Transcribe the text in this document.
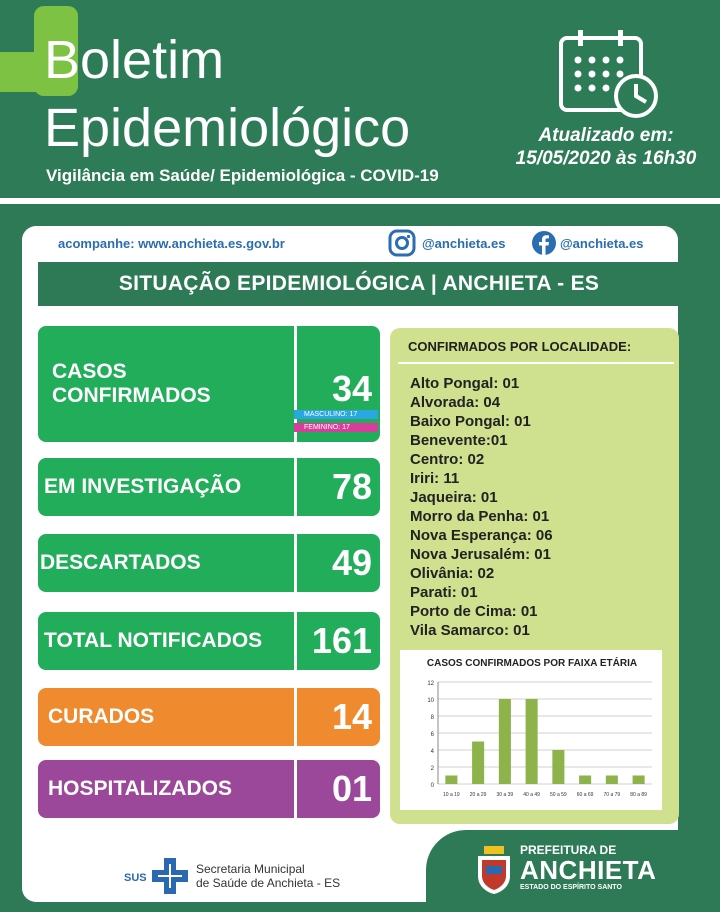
Boletim
Epidemiológico
Vigilância em Saúde/ Epidemiológica - COVID-19
Atualizado em:
15/05/2020 às 16h30
acompanhe: www.anchieta.es.gov.br	@anchieta.es	@anchieta.es
SITUAÇÃO EPIDEMIOLÓGICA | ANCHIETA - ES
CASOS
CONFIRMADOS	34
MASCULINO: 17
FEMININO: 17
EM INVESTIGAÇÃO	78
DESCARTADOS	49
TOTAL NOTIFICADOS	161
CURADOS	14
HOSPITALIZADOS	01
CONFIRMADOS POR LOCALIDADE:
Alto Pongal: 01
Alvorada: 04
Baixo Pongal: 01
Benevente:01
Centro: 02
Iriri: 11
Jaqueira: 01
Morro da Penha: 01
Nova Esperança: 06
Nova Jerusalém: 01
Olivânia: 02
Parati: 01
Porto de Cima: 01
Vila Samarco: 01
CASOS CONFIRMADOS POR FAIXA ETÁRIA
0
2
4
6
8
10
12
10 a 19 20 a 29 30 a 39 40 a 49 50 a 59 60 a 69 70 a 79 80 a 89
SUS
Secretaria Municipal
de Saúde de Anchieta - ES
PREFEITURA DE
ANCHIETA
ESTADO DO ESPÍRITO SANTO
